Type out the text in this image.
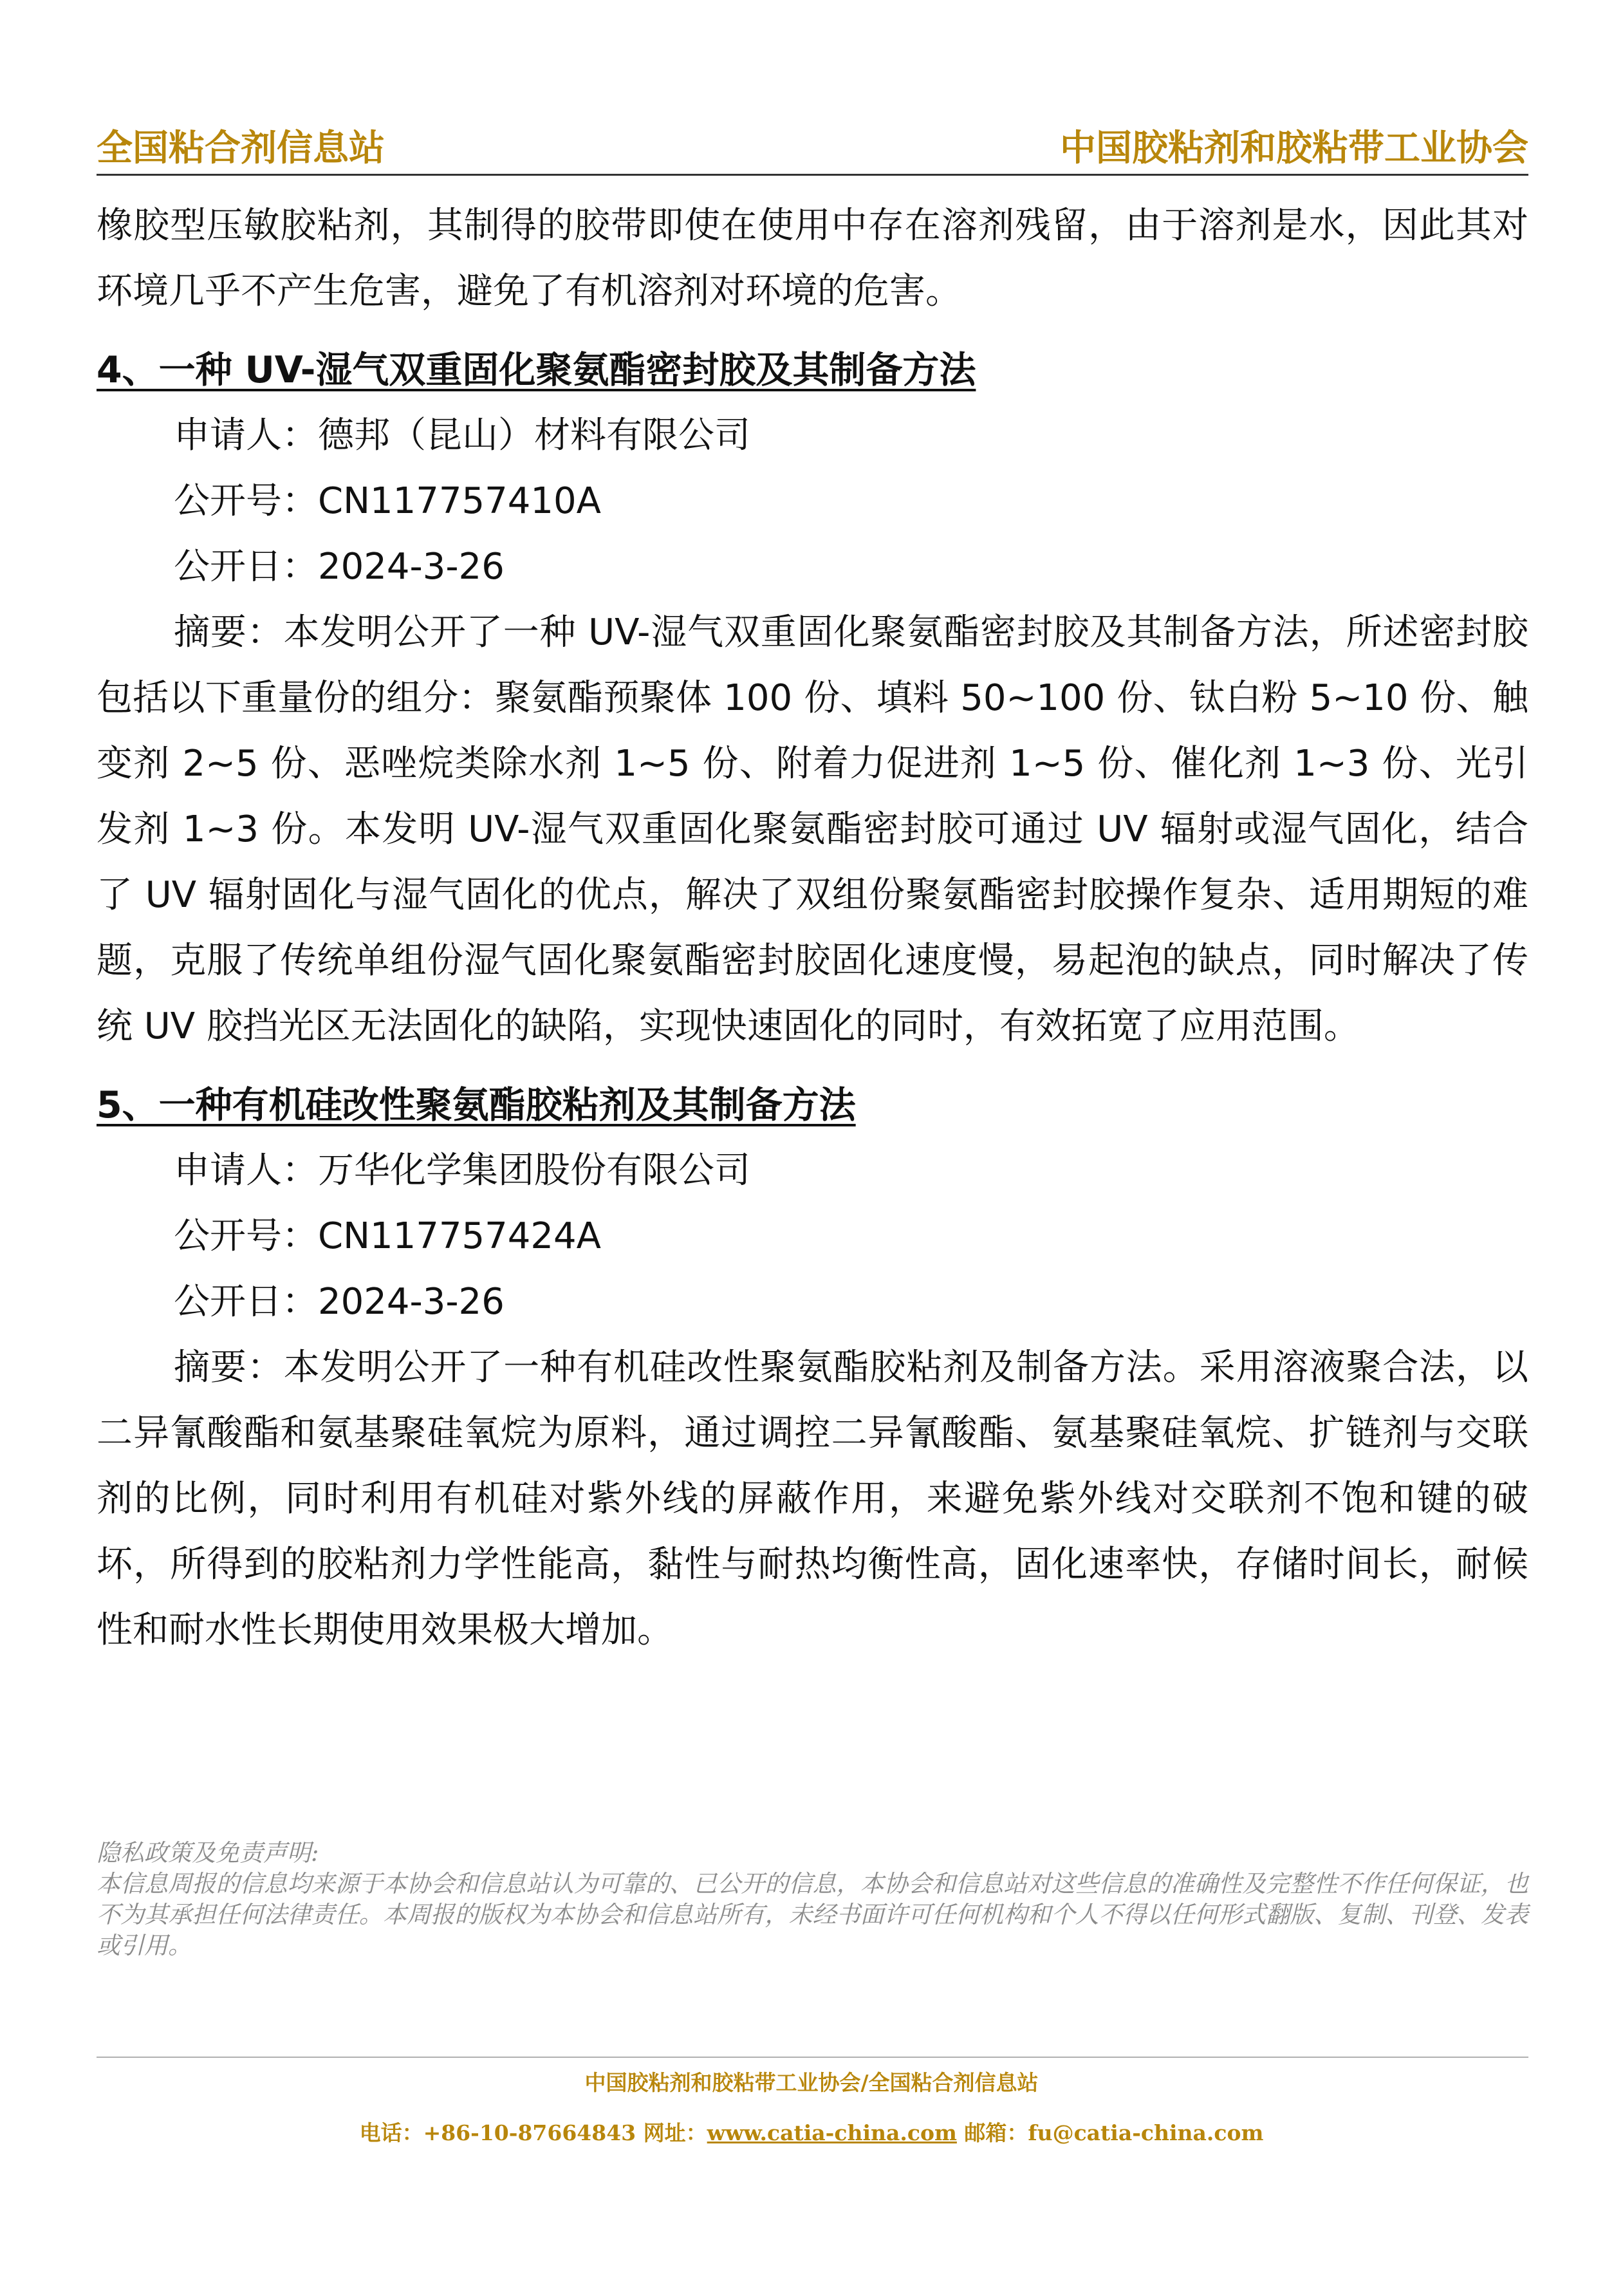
全国粘合剂信息站	中国胶粘剂和胶粘带工业协会

橡胶型压敏胶粘剂，其制得的胶带即使在使用中存在溶剂残留，由于溶剂是水，因此其对环境几乎不产生危害，避免了有机溶剂对环境的危害。

4、一种 UV-湿气双重固化聚氨酯密封胶及其制备方法

申请人：德邦（昆山）材料有限公司

公开号：CN117757410A

公开日：2024-3-26

摘要：本发明公开了一种 UV-湿气双重固化聚氨酯密封胶及其制备方法，所述密封胶包括以下重量份的组分：聚氨酯预聚体 100 份、填料 50~100 份、钛白粉 5~10 份、触变剂 2~5 份、恶唑烷类除水剂 1~5 份、附着力促进剂 1~5 份、催化剂 1~3 份、光引发剂 1~3 份。本发明 UV-湿气双重固化聚氨酯密封胶可通过 UV 辐射或湿气固化，结合了 UV 辐射固化与湿气固化的优点，解决了双组份聚氨酯密封胶操作复杂、适用期短的难题，克服了传统单组份湿气固化聚氨酯密封胶固化速度慢，易起泡的缺点，同时解决了传统 UV 胶挡光区无法固化的缺陷，实现快速固化的同时，有效拓宽了应用范围。

5、一种有机硅改性聚氨酯胶粘剂及其制备方法

申请人：万华化学集团股份有限公司

公开号：CN117757424A

公开日：2024-3-26

摘要：本发明公开了一种有机硅改性聚氨酯胶粘剂及制备方法。采用溶液聚合法，以二异氰酸酯和氨基聚硅氧烷为原料，通过调控二异氰酸酯、氨基聚硅氧烷、扩链剂与交联剂的比例，同时利用有机硅对紫外线的屏蔽作用，来避免紫外线对交联剂不饱和键的破坏，所得到的胶粘剂力学性能高，黏性与耐热均衡性高，固化速率快，存储时间长，耐候性和耐水性长期使用效果极大增加。

隐私政策及免责声明:

本信息周报的信息均来源于本协会和信息站认为可靠的、已公开的信息，本协会和信息站对这些信息的准确性及完整性不作任何保证，也不为其承担任何法律责任。本周报的版权为本协会和信息站所有，未经书面许可任何机构和个人不得以任何形式翻版、复制、刊登、发表或引用。

中国胶粘剂和胶粘带工业协会/全国粘合剂信息站
电话：+86-10-87664843 网址：www.catia-china.com 邮箱：fu@catia-china.com
